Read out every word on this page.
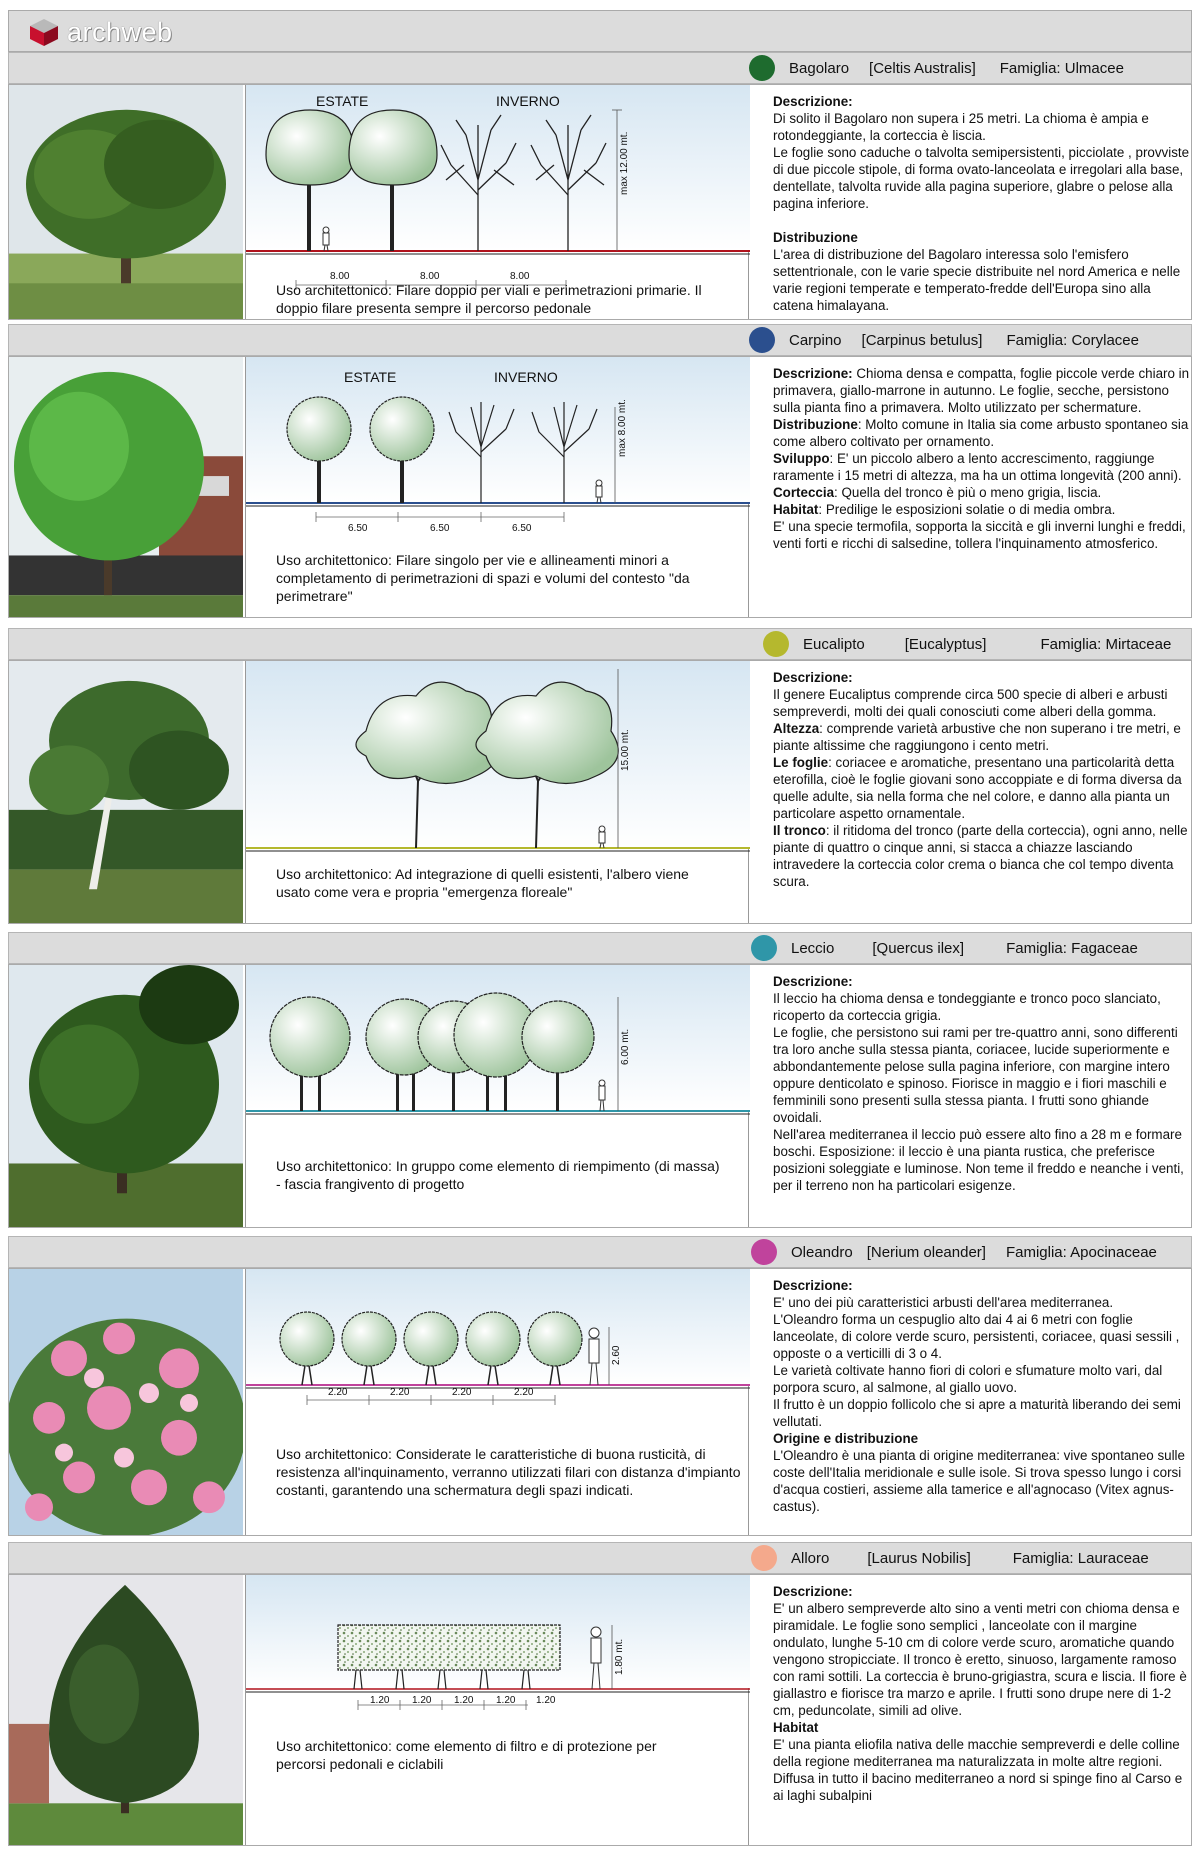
archweb
Bagolaro [Celtis Australis] Famiglia: Ulmacee
ESTATE	INVERNO
max 12.00 mt.
8.00	8.00	8.00
Uso architettonico: Filare doppio per viali e perimetrazioni primarie. Il doppio filare presenta sempre il percorso pedonale

Descrizione:

Di solito il Bagolaro non supera i 25 metri. La chioma è ampia e rotondeggiante, la corteccia è liscia.

Le foglie sono caduche o talvolta semipersistenti, picciolate , provviste di due piccole stipole, di forma ovato-lanceolata e irregolari alla base, dentellate, talvolta ruvide alla pagina superiore, glabre o pelose alla pagina inferiore.

Distribuzione

L'area di distribuzione del Bagolaro interessa solo l'emisfero settentrionale, con le varie specie distribuite nel nord America e nelle varie regioni temperate e temperato-fredde dell'Europa sino alla catena himalayana.

Carpino [Carpinus betulus] Famiglia: Corylacee
ESTATE	INVERNO
max 8.00 mt.
6.50	6.50	6.50
Uso architettonico: Filare singolo per vie e allineamenti minori a completamento di perimetrazioni di spazi e volumi del contesto "da perimetrare"

Descrizione: Chioma densa e compatta, foglie piccole verde chiaro in primavera, giallo-marrone in autunno. Le foglie, secche, persistono sulla pianta fino a primavera. Molto utilizzato per schermature.

Distribuzione: Molto comune in Italia sia come arbusto spontaneo sia come albero coltivato per ornamento.

Sviluppo: E' un piccolo albero a lento accrescimento, raggiunge raramente i 15 metri di altezza, ma ha un ottima longevità (200 anni).

Corteccia: Quella del tronco è più o meno grigia, liscia.

Habitat: Predilige le esposizioni solatie o di media ombra.

E' una specie termofila, sopporta la siccità e gli inverni lunghi e freddi, venti forti e ricchi di salsedine, tollera l'inquinamento atmosferico.

Eucalipto	[Eucalyptus]	Famiglia: Mirtaceae
15.00 mt.
Uso architettonico: Ad integrazione di quelli esistenti, l'albero viene usato come vera e propria "emergenza floreale"

Descrizione:

Il genere Eucaliptus comprende circa 500 specie di alberi e arbusti sempreverdi, molti dei quali conosciuti come alberi della gomma.

Altezza: comprende varietà arbustive che non superano i tre metri, e piante altissime che raggiungono i cento metri.

Le foglie: coriacee e aromatiche, presentano una particolarità detta eterofilla, cioè le foglie giovani sono accoppiate e di forma diversa da quelle adulte, sia nella forma che nel colore, e danno alla pianta un particolare aspetto ornamentale.

Il tronco: il ritidoma del tronco (parte della corteccia), ogni anno, nelle piante di quattro o cinque anni, si stacca a chiazze lasciando intravedere la corteccia color crema o bianca che col tempo diventa scura.

Leccio	[Quercus ilex]	Famiglia: Fagaceae
6.00 mt.
Uso architettonico: In gruppo come elemento di riempimento (di massa) - fascia frangivento di progetto

Descrizione:

Il leccio ha chioma densa e tondeggiante e tronco poco slanciato, ricoperto da corteccia grigia.

Le foglie, che persistono sui rami per tre-quattro anni, sono differenti tra loro anche sulla stessa pianta, coriacee, lucide superiormente e abbondantemente pelose sulla pagina inferiore, con margine intero oppure denticolato e spinoso. Fiorisce in maggio e i fiori maschili e femminili sono presenti sulla stessa pianta. I frutti sono ghiande ovoidali.

Nell'area mediterranea il leccio può essere alto fino a 28 m e formare boschi. Esposizione: il leccio è una pianta rustica, che preferisce posizioni soleggiate e luminose. Non teme il freddo e neanche i venti, per il terreno non ha particolari esigenze.

Oleandro [Nerium oleander] Famiglia: Apocinaceae
2.60
2.20	2.20	2.20	2.20
Uso architettonico: Considerate le caratteristiche di buona rusticità, di resistenza all'inquinamento, verranno utilizzati filari con distanza d'impianto costanti, garantendo una schermatura degli spazi indicati.

Descrizione:

E' uno dei più caratteristici arbusti dell'area mediterranea.

L'Oleandro forma un cespuglio alto dai 4 ai 6 metri con foglie lanceolate, di colore verde scuro, persistenti, coriacee, quasi sessili , opposte o a verticilli di 3 o 4.

Le varietà coltivate hanno fiori di colori e sfumature molto vari, dal porpora scuro, al salmone, al giallo uovo.

Il frutto è un doppio follicolo che si apre a maturità liberando dei semi vellutati.

Origine e distribuzione

L'Oleandro è una pianta di origine mediterranea: vive spontaneo sulle coste dell'Italia meridionale e sulle isole. Si trova spesso lungo i corsi d'acqua costieri, assieme alla tamerice e all'agnocaso (Vitex agnus-castus).

Alloro	[Laurus Nobilis]	Famiglia: Lauraceae
1.80 mt.
1.20 1.20 1.20 1.20 1.20
Uso architettonico: come elemento di filtro e di protezione per percorsi pedonali e ciclabili

Descrizione:

E' un albero sempreverde alto sino a venti metri con chioma densa e piramidale. Le foglie sono semplici , lanceolate con il margine ondulato, lunghe 5-10 cm di colore verde scuro, aromatiche quando vengono stropicciate. Il tronco è eretto, sinuoso, largamente ramoso con rami sottili. La corteccia è bruno-grigiastra, scura e liscia. Il fiore è giallastro e fiorisce tra marzo e aprile. I frutti sono drupe nere di 1-2 cm, peduncolate, simili ad olive.

Habitat

E' una pianta eliofila nativa delle macchie sempreverdi e delle colline della regione mediterranea ma naturalizzata in molte altre regioni. Diffusa in tutto il bacino mediterraneo a nord si spinge fino al Carso e ai laghi subalpini
